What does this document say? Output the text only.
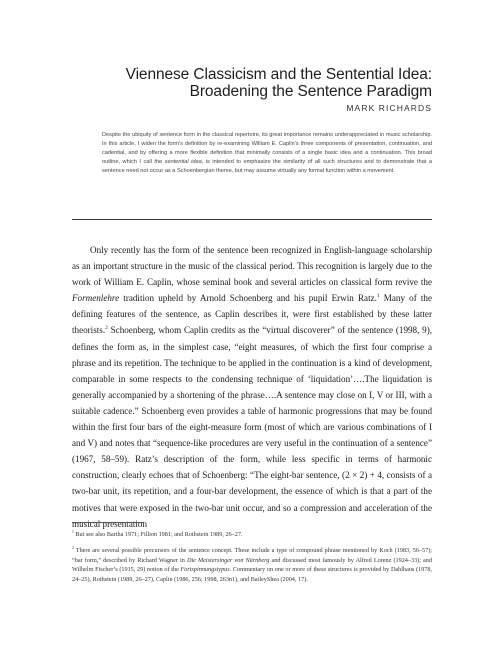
Viennese Classicism and the Sentential Idea:
Broadening the Sentence Paradigm
MARK RICHARDS
Despite the ubiquity of sentence form in the classical repertoire, its great importance remains underappreciated in music scholarship. In this article, I widen the form’s definition by re-examining William E. Caplin’s three components of presentation, continuation, and cadential, and by offering a more flexible definition that minimally consists of a single basic idea and a continuation. This broad outline, which I call the sentential idea, is intended to emphasize the similarity of all such structures and to demonstrate that a sentence need not occur as a Schoenbergian theme, but may assume virtually any formal function within a movement.

Only recently has the form of the sentence been recognized in English-language scholarship as an important structure in the music of the classical period. This recognition is largely due to the work of William E. Caplin, whose seminal book and several articles on classical form revive the Formenlehre tradition upheld by Arnold Schoenberg and his pupil Erwin Ratz.$^1$ Many of the defining features of the sentence, as Caplin describes it, were first established by these latter theorists.$^2$ Schoenberg, whom Caplin credits as the “virtual discoverer” of the sentence (1998, 9), defines the form as, in the simplest case, “eight measures, of which the first four comprise a phrase and its repetition. The technique to be applied in the continuation is a kind of development, comparable in some respects to the condensing technique of ‘liquidation’….The liquidation is generally accompanied by a shortening of the phrase….A sentence may close on I, V or III, with a suitable cadence.” Schoenberg even provides a table of harmonic progressions that may be found within the first four bars of the eight-measure form (most of which are various combinations of I and V) and notes that “sequence-like procedures are very useful in the continuation of a sentence” (1967, 58–59). Ratz’s description of the form, while less specific in terms of harmonic construction, clearly echoes that of Schoenberg: “The eight-bar sentence, (2 × 2) + 4, consists of a two-bar unit, its repetition, and a four-bar development, the essence of which is that a part of the motives that were exposed in the two-bar unit occur, and so a compression and acceleration of the musical presentation

$^1$ But see also Bartha 1971; Fillion 1981; and Rothstein 1989, 26–27.
$^2$ There are several possible precursors of the sentence concept. These include a type of compound phrase mentioned by Koch (1983, 56–57); “bar form,” described by Richard Wagner in Die Meistersinger von Nürnberg and discussed most famously by Alfred Lorenz (1924–33); and Wilhelm Fischer’s (1915, 29) notion of the Fortspinnungstypus. Commentary on one or more of these structures is provided by Dahlhaus (1978, 24–25), Rothstein (1989, 26–27), Caplin (1986, 256; 1998, 263n1), and BaileyShea (2004, 17).
